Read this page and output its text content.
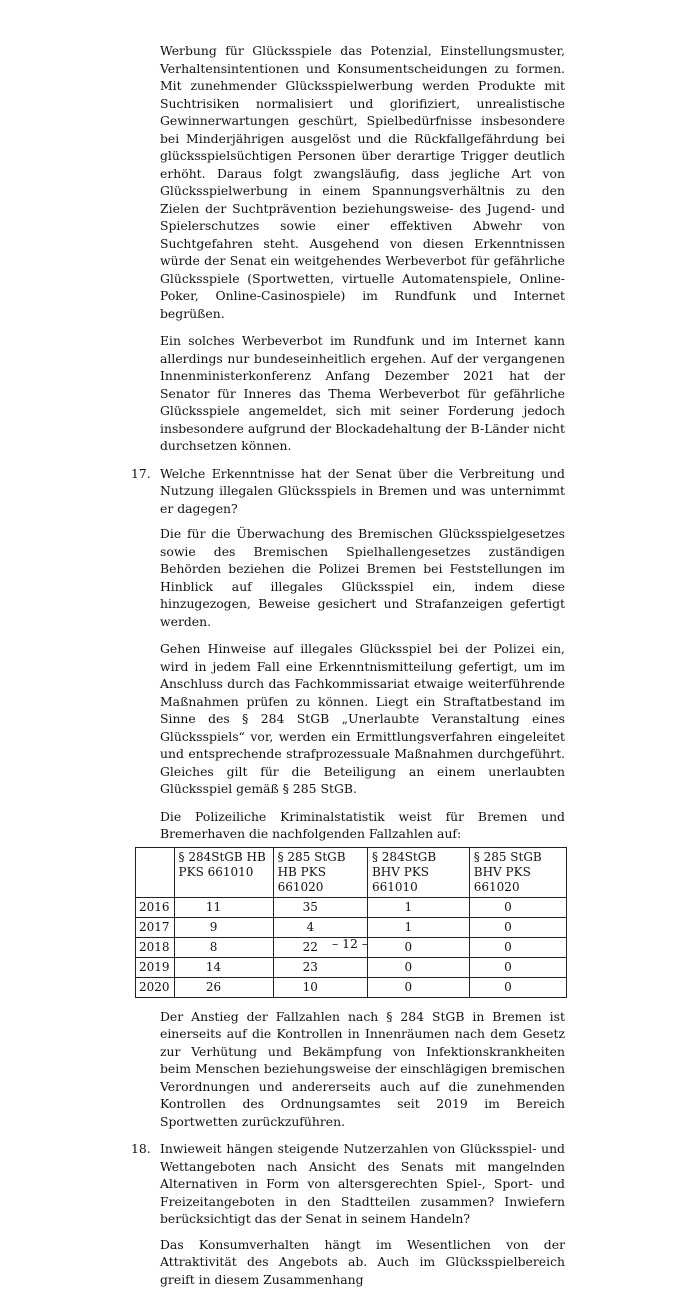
Werbung für Glücksspiele das Potenzial, Einstellungsmuster, Verhaltensintentionen und Konsumentscheidungen zu formen. Mit zunehmender Glücksspielwerbung werden Produkte mit Suchtrisiken normalisiert und glorifiziert, unrealistische Gewinnerwartungen geschürt, Spielbedürfnisse insbesondere bei Minderjährigen ausgelöst und die Rückfallgefährdung bei glücksspielsüchtigen Personen über derartige Trigger deutlich erhöht. Daraus folgt zwangsläufig, dass jegliche Art von Glücksspielwerbung in einem Spannungsverhältnis zu den Zielen der Suchtprävention beziehungsweise- des Jugend- und Spielerschutzes sowie einer effektiven Abwehr von Suchtgefahren steht. Ausgehend von diesen Erkenntnissen würde der Senat ein weitgehendes Werbeverbot für gefährliche Glücksspiele (Sportwetten, virtuelle Automatenspiele, Online-Poker, Online-Casinospiele) im Rundfunk und Internet begrüßen.

Ein solches Werbeverbot im Rundfunk und im Internet kann allerdings nur bundeseinheitlich ergehen. Auf der vergangenen Innenministerkonferenz Anfang Dezember 2021 hat der Senator für Inneres das Thema Werbeverbot für gefährliche Glücksspiele angemeldet, sich mit seiner Forderung jedoch insbesondere aufgrund der Blockadehaltung der B-Länder nicht durchsetzen können.

17. Welche Erkenntnisse hat der Senat über die Verbreitung und Nutzung illegalen Glücksspiels in Bremen und was unternimmt er dagegen?

Die für die Überwachung des Bremischen Glücksspielgesetzes sowie des Bremischen Spielhallengesetzes zuständigen Behörden beziehen die Polizei Bremen bei Feststellungen im Hinblick auf illegales Glücksspiel ein, indem diese hinzugezogen, Beweise gesichert und Strafanzeigen gefertigt werden.

Gehen Hinweise auf illegales Glücksspiel bei der Polizei ein, wird in jedem Fall eine Erkenntnismitteilung gefertigt, um im Anschluss durch das Fachkommissariat etwaige weiterführende Maßnahmen prüfen zu können. Liegt ein Straftatbestand im Sinne des § 284 StGB „Unerlaubte Veranstaltung eines Glücksspiels“ vor, werden ein Ermittlungsverfahren eingeleitet und entsprechende strafprozessuale Maßnahmen durchgeführt. Gleiches gilt für die Beteiligung an einem unerlaubten Glücksspiel gemäß § 285 StGB.

Die Polizeiliche Kriminalstatistik weist für Bremen und Bremerhaven die nachfolgenden Fallzahlen auf:

	§ 284StGB HB PKS 661010	§ 285 StGB HB PKS 661020	§ 284StGB BHV PKS 661010	§ 285 StGB BHV PKS 661020
2016	11	35	1	0
2017	9	4	1	0
2018	8	22	0	0
2019	14	23	0	0
2020	26	10	0	0

Der Anstieg der Fallzahlen nach § 284 StGB in Bremen ist einerseits auf die Kontrollen in Innenräumen nach dem Gesetz zur Verhütung und Bekämpfung von Infektionskrankheiten beim Menschen beziehungsweise der einschlägigen bremischen Verordnungen und andererseits auch auf die zunehmenden Kontrollen des Ordnungsamtes seit 2019 im Bereich Sportwetten zurückzuführen.

18. Inwieweit hängen steigende Nutzerzahlen von Glücksspiel- und Wettangeboten nach Ansicht des Senats mit mangelnden Alternativen in Form von altersgerechten Spiel-, Sport- und Freizeitangeboten in den Stadtteilen zusammen? Inwiefern berücksichtigt das der Senat in seinem Handeln?

Das Konsumverhalten hängt im Wesentlichen von der Attraktivität des Angebots ab. Auch im Glücksspielbereich greift in diesem Zusammenhang

– 12 –
